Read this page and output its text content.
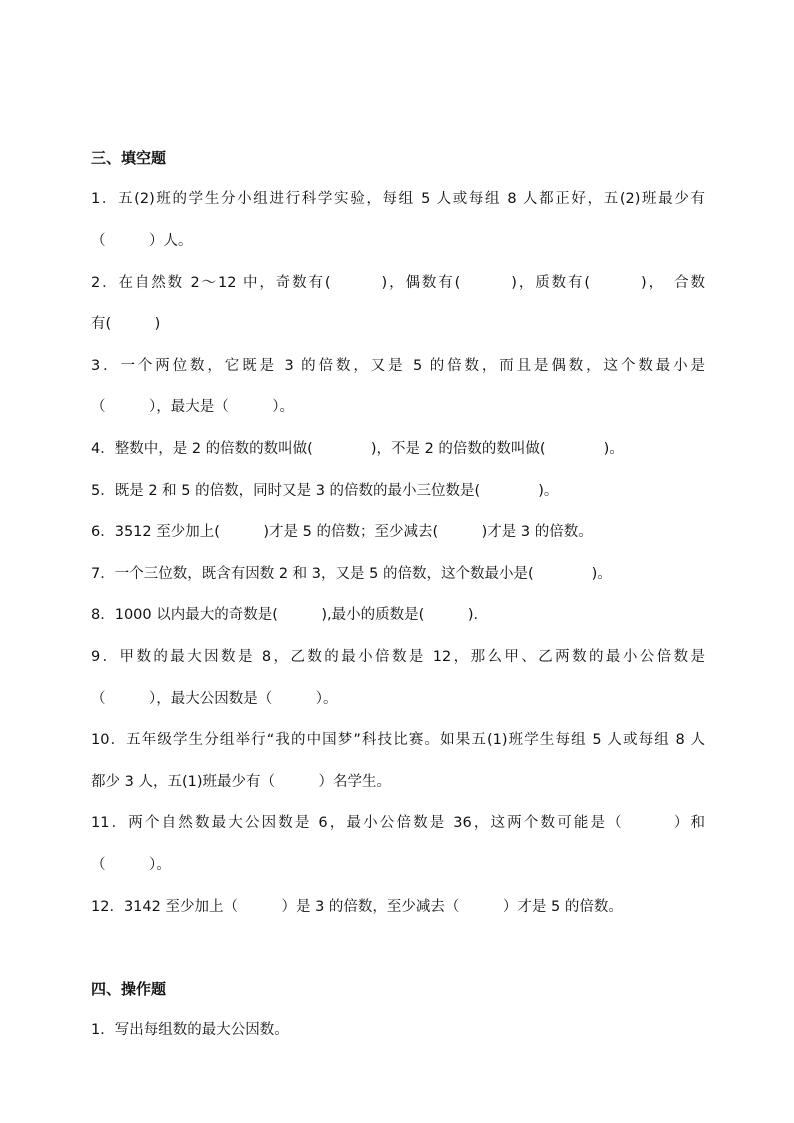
三、填空题
1．五(2)班的学生分小组进行科学实验，每组 5 人或每组 8 人都正好，五(2)班最少有
（　　　）人。
2．在自然数 2～12 中，奇数有(　　　)，偶数有(　　　)，质数有(　　　)，　合数
有(　　　)
3．一个两位数，它既是 3 的倍数，又是 5 的倍数，而且是偶数，这个数最小是
（　　　），最大是（　　　）。
4．整数中，是 2 的倍数的数叫做(　　　　)，不是 2 的倍数的数叫做(　　　　)。
5．既是 2 和 5 的倍数，同时又是 3 的倍数的最小三位数是(　　　　)。
6．3512 至少加上(　　　)才是 5 的倍数；至少减去(　　　)才是 3 的倍数。
7．一个三位数，既含有因数 2 和 3，又是 5 的倍数，这个数最小是(　　　　)。
8．1000 以内最大的奇数是(　　　),最小的质数是(　　　)．
9．甲数的最大因数是 8，乙数的最小倍数是 12，那么甲、乙两数的最小公倍数是
（　　　），最大公因数是（　　　）。
10．五年级学生分组举行“我的中国梦”科技比赛。如果五(1)班学生每组 5 人或每组 8 人
都少 3 人，五(1)班最少有（　　　）名学生。
11．两个自然数最大公因数是 6，最小公倍数是 36，这两个数可能是（　　　）和
（　　　）。
12．3142 至少加上（　　　）是 3 的倍数，至少减去（　　　）才是 5 的倍数。
四、操作题
1．写出每组数的最大公因数。
